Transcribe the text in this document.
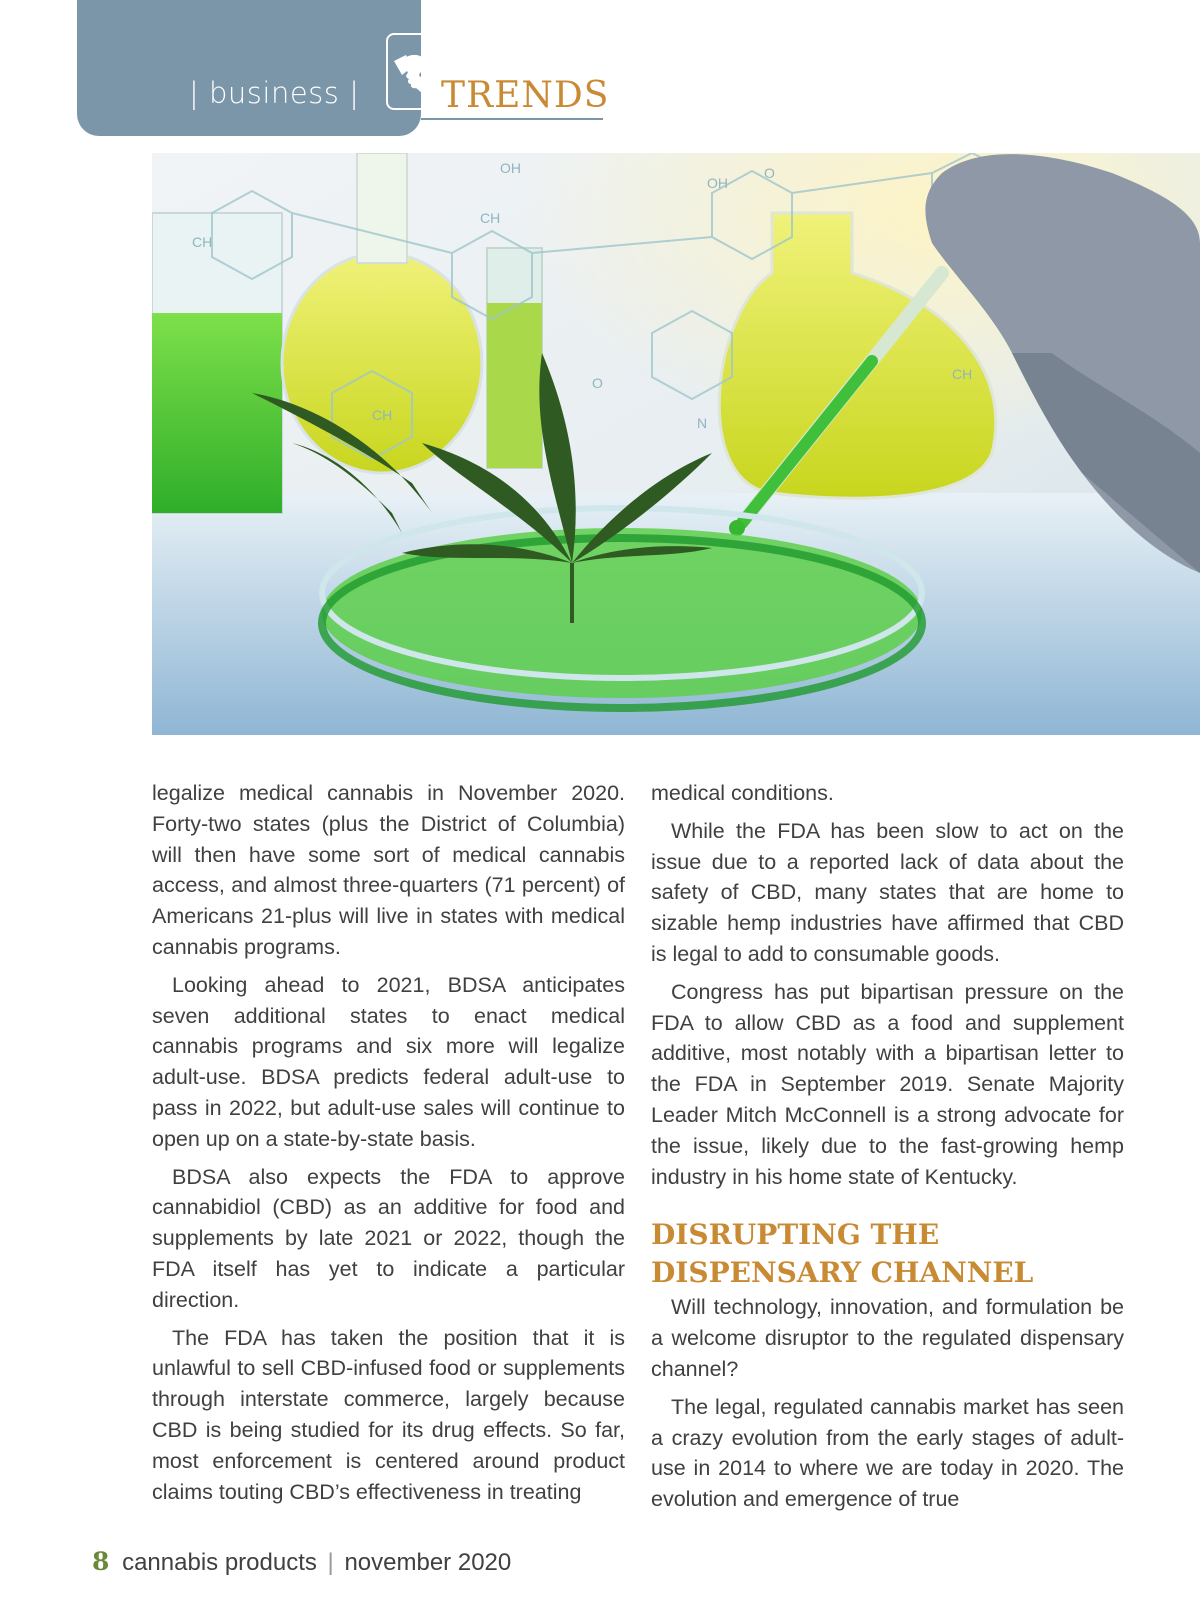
| business | TRENDS
CH
OH
CH
OH
O
CH
N
CH
O

legalize medical cannabis in November 2020. Forty-two states (plus the District of Columbia) will then have some sort of medical cannabis access, and almost three-quarters (71 percent) of Americans 21-plus will live in states with medical cannabis programs.

Looking ahead to 2021, BDSA anticipates seven additional states to enact medical cannabis programs and six more will legalize adult-use. BDSA predicts federal adult-use to pass in 2022, but adult-use sales will continue to open up on a state-by-state basis.

BDSA also expects the FDA to approve cannabidiol (CBD) as an additive for food and supplements by late 2021 or 2022, though the FDA itself has yet to indicate a particular direction.

The FDA has taken the position that it is unlawful to sell CBD-infused food or supplements through interstate commerce, largely because CBD is being studied for its drug effects. So far, most enforcement is centered around product claims touting CBD’s effectiveness in treating

medical conditions.

While the FDA has been slow to act on the issue due to a reported lack of data about the safety of CBD, many states that are home to sizable hemp industries have affirmed that CBD is legal to add to consumable goods.

Congress has put bipartisan pressure on the FDA to allow CBD as a food and supplement additive, most notably with a bipartisan letter to the FDA in September 2019. Senate Majority Leader Mitch McConnell is a strong advocate for the issue, likely due to the fast-growing hemp industry in his home state of Kentucky.

DISRUPTING THE
DISPENSARY CHANNEL

Will technology, innovation, and formulation be a welcome disruptor to the regulated dispensary channel?

The legal, regulated cannabis market has seen a crazy evolution from the early stages of adult-use in 2014 to where we are today in 2020. The evolution and emergence of true

8 cannabis products | november 2020
